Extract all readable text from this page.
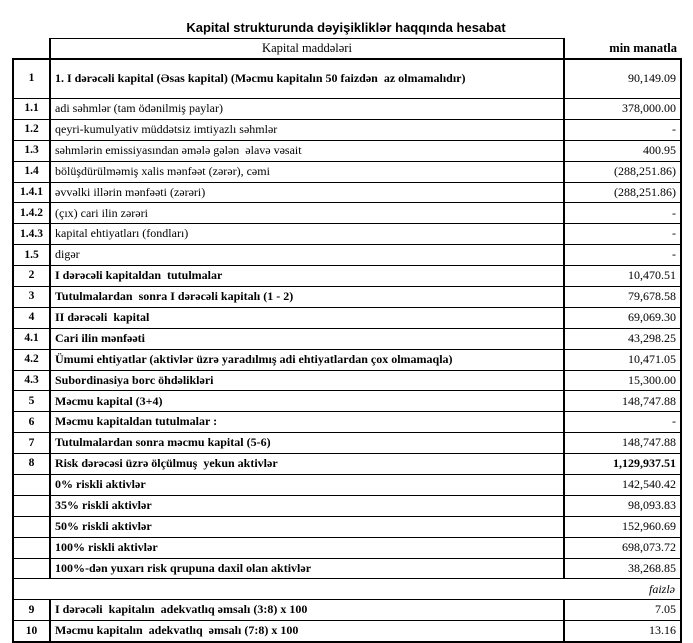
Kapital strukturunda dəyişikliklər haqqında hesabat
	Kapital maddələri	min manatla
1	1. I dərəcəli kapital (Əsas kapital) (Məcmu kapitalın 50 faizdən  az olmamalıdır)	90,149.09
1.1	adi səhmlər (tam ödənilmiş paylar)	378,000.00
1.2	qeyri-kumulyativ müddətsiz imtiyazlı səhmlər	-
1.3	səhmlərin emissiyasından əmələ gələn  əlavə vəsait	400.95
1.4	bölüşdürülməmiş xalis mənfəət (zərər), cəmi	(288,251.86)
1.4.1	əvvəlki illərin mənfəəti (zərəri)	(288,251.86)
1.4.2	(çıx) cari ilin zərəri	-
1.4.3	kapital ehtiyatları (fondları)	-
1.5	digər	-
2	I dərəcəli kapitaldan  tutulmalar	10,470.51
3	Tutulmalardan  sonra I dərəcəli kapitalı (1 - 2)	79,678.58
4	II dərəcəli  kapital	69,069.30
4.1	Cari ilin mənfəəti	43,298.25
4.2	Ümumi ehtiyatlar (aktivlər üzrə yaradılmış adi ehtiyatlardan çox olmamaqla)	10,471.05
4.3	Subordinasiya borc öhdəlikləri	15,300.00
5	Məcmu kapital (3+4)	148,747.88
6	Məcmu kapitaldan tutulmalar :	-
7	Tutulmalardan sonra məcmu kapital (5-6)	148,747.88
8	Risk dərəcəsi üzrə ölçülmuş  yekun aktivlər	1,129,937.51
	0% riskli aktivlər	142,540.42
	35% riskli aktivlər	98,093.83
	50% riskli aktivlər	152,960.69
	100% riskli aktivlər	698,073.72
	100%-dən yuxarı risk qrupuna daxil olan aktivlər	38,268.85
faizlə		
9	I dərəcəli  kapitalın  adekvatlıq əmsalı (3:8) x 100	7.05
10	Məcmu kapitalın  adekvatlıq  əmsalı (7:8) x 100	13.16
